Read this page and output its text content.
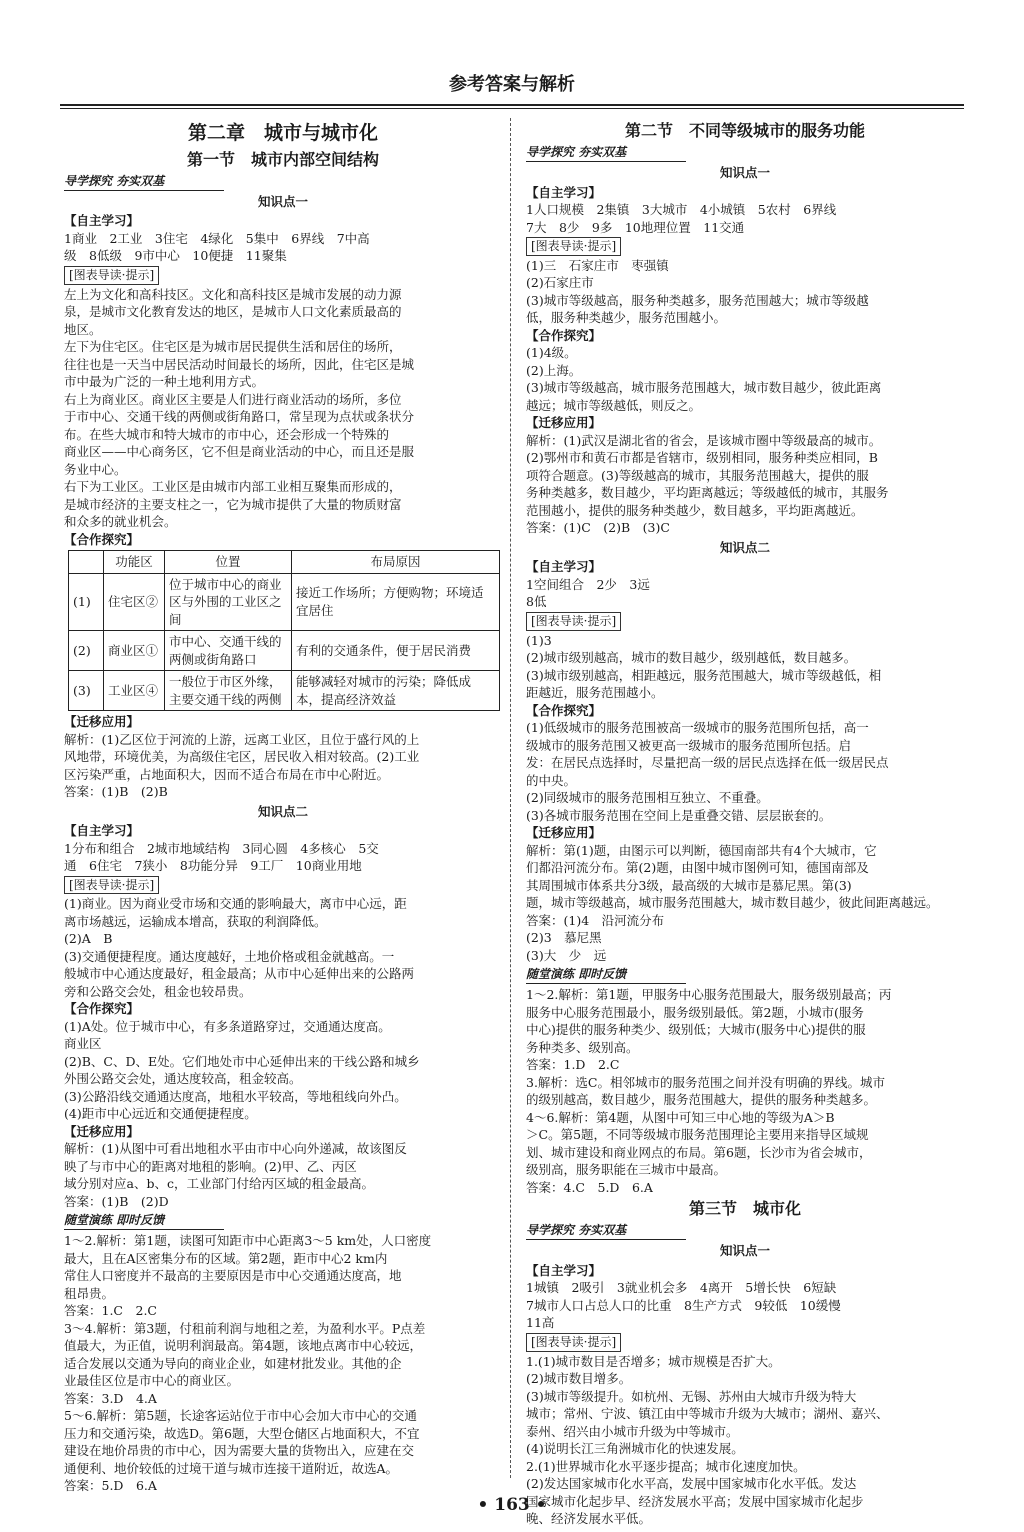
参考答案与解析
第二章　城市与城市化
第一节　城市内部空间结构
导学探究 夯实双基
知识点一
【自主学习】
1商业　2工业　3住宅　4绿化　5集中　6界线　7中高
级　8低级　9市中心　10便捷　11聚集
[图表导读·提示]
左上为文化和高科技区。文化和高科技区是城市发展的动力源
泉，是城市文化教育发达的地区，是城市人口文化素质最高的
地区。
左下为住宅区。住宅区是为城市居民提供生活和居住的场所，
往往也是一天当中居民活动时间最长的场所，因此，住宅区是城
市中最为广泛的一种土地利用方式。
右上为商业区。商业区主要是人们进行商业活动的场所，多位
于市中心、交通干线的两侧或街角路口，常呈现为点状或条状分
布。在些大城市和特大城市的市中心，还会形成一个特殊的
商业区——中心商务区，它不但是商业活动的中心，而且还是服
务业中心。
右下为工业区。工业区是由城市内部工业相互聚集而形成的，
是城市经济的主要支柱之一，它为城市提供了大量的物质财富
和众多的就业机会。
【合作探究】
	功能区	位置	布局原因
(1)	住宅区②	位于城市中心的商业区与外围的工业区之间	接近工作场所；方便购物；环境适宜居住
(2)	商业区①	市中心、交通干线的两侧或街角路口	有利的交通条件，便于居民消费
(3)	工业区④	一般位于市区外缘，主要交通干线的两侧	能够减轻对城市的污染；降低成本，提高经济效益
【迁移应用】
解析：(1)乙区位于河流的上游，远离工业区，且位于盛行风的上
风地带，环境优美，为高级住宅区，居民收入相对较高。(2)工业
区污染严重，占地面积大，因而不适合布局在市中心附近。
答案：(1)B　(2)B
知识点二
【自主学习】
1分布和组合　2城市地域结构　3同心圆　4多核心　5交
通　6住宅　7狭小　8功能分异　9工厂　10商业用地
[图表导读·提示]
(1)商业。因为商业受市场和交通的影响最大，离市中心远，距
离市场越远，运输成本增高，获取的利润降低。
(2)A　B
(3)交通便捷程度。通达度越好，土地价格或租金就越高。一
般城市中心通达度最好，租金最高；从市中心延伸出来的公路两
旁和公路交会处，租金也较昂贵。
【合作探究】
(1)A处。位于城市中心，有多条道路穿过，交通通达度高。
商业区
(2)B、C、D、E处。它们地处市中心延伸出来的干线公路和城乡
外围公路交会处，通达度较高，租金较高。
(3)公路沿线交通通达度高，地租水平较高，等地租线向外凸。
(4)距市中心远近和交通便捷程度。
【迁移应用】
解析：(1)从图中可看出地租水平由市中心向外递减，故该图反
映了与市中心的距离对地租的影响。(2)甲、乙、丙区
域分别对应a、b、c，工业部门付给丙区域的租金最高。
答案：(1)B　(2)D
随堂演练 即时反馈
1～2.解析：第1题，读图可知距市中心距离3～5 km处，人口密度
最大，且在A区密集分布的区域。第2题，距市中心2 km内
常住人口密度并不最高的主要原因是市中心交通通达度高，地
租昂贵。
答案：1.C　2.C
3～4.解析：第3题，付租前利润与地租之差，为盈利水平。P点差
值最大，为正值，说明利润最高。第4题，该地点离市中心较远，
适合发展以交通为导向的商业企业，如建材批发业。其他的企
业最佳区位是市中心的商业区。
答案：3.D　4.A
5～6.解析：第5题，长途客运站位于市中心会加大市中心的交通
压力和交通污染，故选D。第6题，大型仓储区占地面积大，不宜
建设在地价昂贵的市中心，因为需要大量的货物出入，应建在交
通便利、地价较低的过境干道与城市连接干道附近，故选A。
答案：5.D　6.A
第二节　不同等级城市的服务功能
导学探究 夯实双基
知识点一
【自主学习】
1人口规模　2集镇　3大城市　4小城镇　5农村　6界线
7大　8少　9多　10地理位置　11交通
[图表导读·提示]
(1)三　石家庄市　枣强镇
(2)石家庄市
(3)城市等级越高，服务种类越多，服务范围越大；城市等级越
低，服务种类越少，服务范围越小。
【合作探究】
(1)4级。
(2)上海。
(3)城市等级越高，城市服务范围越大，城市数目越少，彼此距离
越远；城市等级越低，则反之。
【迁移应用】
解析：(1)武汉是湖北省的省会，是该城市圈中等级最高的城市。
(2)鄂州市和黄石市都是省辖市，级别相同，服务种类应相同，B
项符合题意。(3)等级越高的城市，其服务范围越大，提供的服
务种类越多，数目越少，平均距离越远；等级越低的城市，其服务
范围越小，提供的服务种类越少，数目越多，平均距离越近。
答案：(1)C　(2)B　(3)C
知识点二
【自主学习】
1空间组合　2少　3远
8低
[图表导读·提示]
(1)3
(2)城市级别越高，城市的数目越少，级别越低，数目越多。
(3)城市级别越高，相距越远，服务范围越大，城市等级越低，相
距越近，服务范围越小。
【合作探究】
(1)低级城市的服务范围被高一级城市的服务范围所包括，高一
级城市的服务范围又被更高一级城市的服务范围所包括。启
发：在居民点选择时，尽量把高一级的居民点选择在低一级居民点
的中央。
(2)同级城市的服务范围相互独立、不重叠。
(3)各城市服务范围在空间上是重叠交错、层层嵌套的。
【迁移应用】
解析：第(1)题，由图示可以判断，德国南部共有4个大城市，它
们都沿河流分布。第(2)题，由图中城市图例可知，德国南部及
其周围城市体系共分3级，最高级的大城市是慕尼黑。第(3)
题，城市等级越高，城市服务范围越大，城市数目越少，彼此间距离越远。
答案：(1)4　沿河流分布
(2)3　慕尼黑
(3)大　少　远
随堂演练 即时反馈
1～2.解析：第1题，甲服务中心服务范围最大，服务级别最高；丙
服务中心服务范围最小，服务级别最低。第2题，小城市(服务
中心)提供的服务种类少、级别低；大城市(服务中心)提供的服
务种类多、级别高。
答案：1.D　2.C
3.解析：选C。相邻城市的服务范围之间并没有明确的界线。城市
的级别越高，数目越少，服务范围越大，提供的服务种类越多。
4～6.解析：第4题，从图中可知三中心地的等级为A＞B
＞C。第5题，不同等级城市服务范围理论主要用来指导区域规
划、城市建设和商业网点的布局。第6题，长沙市为省会城市，
级别高，服务职能在三城市中最高。
答案：4.C　5.D　6.A
第三节　城市化
导学探究 夯实双基
知识点一
【自主学习】
1城镇　2吸引　3就业机会多　4离开　5增长快　6短缺
7城市人口占总人口的比重　8生产方式　9较低　10缓慢
11高
[图表导读·提示]
1.(1)城市数目是否增多；城市规模是否扩大。
(2)城市数目增多。
(3)城市等级提升。如杭州、无锡、苏州由大城市升级为特大
城市；常州、宁波、镇江由中等城市升级为大城市；湖州、嘉兴、
泰州、绍兴由小城市升级为中等城市。
(4)说明长江三角洲城市化的快速发展。
2.(1)世界城市化水平逐步提高；城市化速度加快。
(2)发达国家城市化水平高，发展中国家城市化水平低。发达
国家城市化起步早、经济发展水平高；发展中国家城市化起步
晚、经济发展水平低。
• 163 •
